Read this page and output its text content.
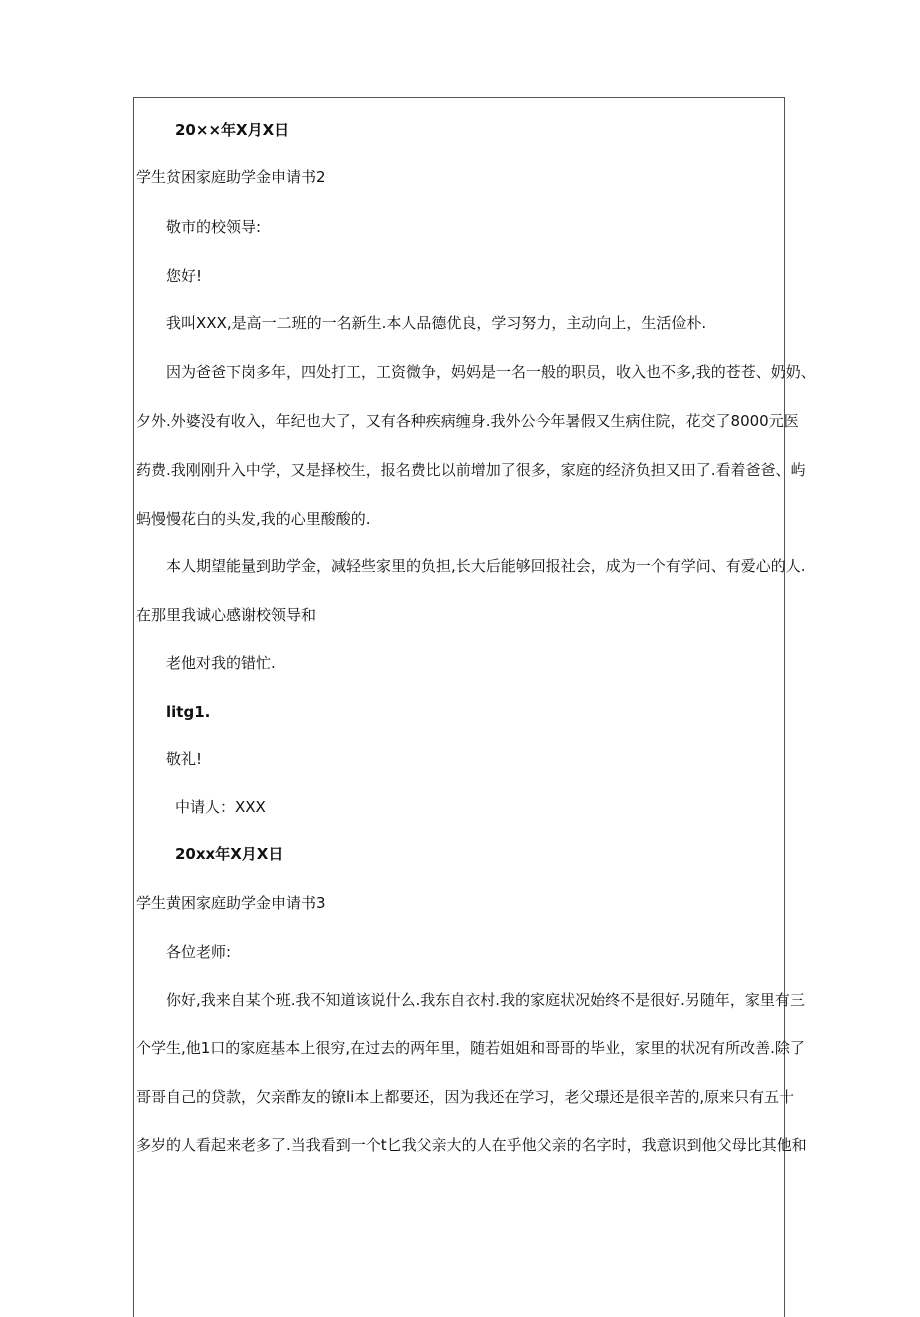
20××年X月X日
学生贫困家庭助学金申请书2
敬市的校领导:
您好!
我叫XXX,是高一二班的一名新生.本人品德优良，学习努力，主动向上，生活俭朴.
因为爸爸下岗多年，四处打工，工资微争，妈妈是一名一般的职员，收入也不多,我的苍苍、奶奶、
夕外.外婆没有收入，年纪也大了，又有各种疾病缠身.我外公今年暑假又生病住院，花交了8000元医
药费.我刚刚升入中学，又是择校生，报名费比以前增加了很多，家庭的经济负担又田了.看着爸爸、屿
蚂慢慢花白的头发,我的心里酸酸的.
本人期望能量到助学金，减轻些家里的负担,长大后能够回报社会，成为一个有学问、有爱心的人.
在那里我诚心感谢校领导和
老他对我的错忙.
litg1.
敬礼!
中请人：XXX
20xx年X月X日
学生黄困家庭助学金申请书3
各位老师:
你好,我来自某个班.我不知道该说什么.我东自衣村.我的家庭状况始终不是很好.另随年，家里有三
个学生,他1口的家庭基本上很穷,在过去的两年里，随若姐姐和哥哥的毕业，家里的状况有所改善.除了
哥哥自己的贷款，欠亲酢友的镣li本上都要还，因为我还在学习，老父璟还是很辛苦的,原来只有五十
多岁的人看起来老多了.当我看到一个t匕我父亲大的人在乎他父亲的名字时，我意识到他父母比其他和
